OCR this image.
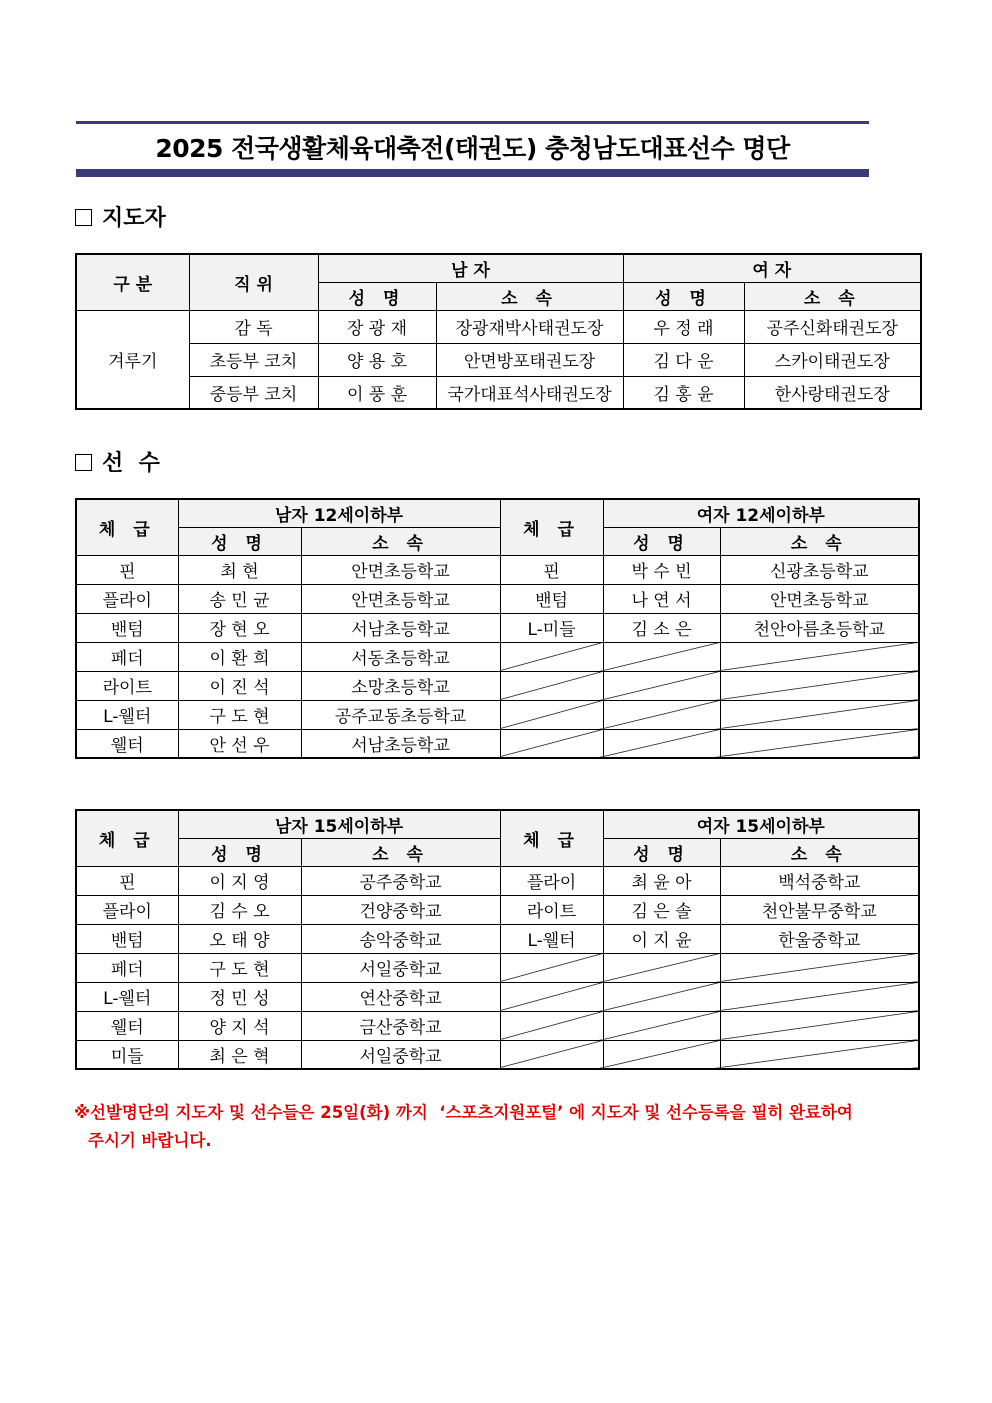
2025 전국생활체육대축전(태권도) 충청남도대표선수 명단
지도자
구 분	직 위	남 자		여 자	
		성 명	소 속	성 명	소 속
겨루기	감 독	장 광 재	장광재박사태권도장	우 정 래	공주신화태권도장
	초등부 코치	양 용 호	안면방포태권도장	김 다 운	스카이태권도장
	중등부 코치	이 풍 훈	국가대표석사태권도장	김 홍 윤	한사랑태권도장
선  수
체 급	남자 12세이하부		체 급	여자 12세이하부	
	성 명	소 속		성 명	소 속
핀	최 현	안면초등학교	핀	박 수 빈	신광초등학교
플라이	송 민 균	안면초등학교	밴텀	나 연 서	안면초등학교
밴텀	장 현 오	서남초등학교	L-미들	김 소 은	천안아름초등학교
페더	이 환 희	서동초등학교			
라이트	이 진 석	소망초등학교			
L-웰터	구 도 현	공주교동초등학교			
웰터	안 선 우	서남초등학교			
체 급	남자 15세이하부		체 급	여자 15세이하부	
	성 명	소 속		성 명	소 속
핀	이 지 영	공주중학교	플라이	최 윤 아	백석중학교
플라이	김 수 오	건양중학교	라이트	김 은 솔	천안불무중학교
밴텀	오 태 양	송악중학교	L-웰터	이 지 윤	한울중학교
페더	구 도 현	서일중학교			
L-웰터	정 민 성	연산중학교			
웰터	양 지 석	금산중학교			
미들	최 은 혁	서일중학교			
※선발명단의 지도자 및 선수들은 25일(화) 까지  ‘스포츠지원포털’ 에 지도자 및 선수등록을 필히 완료하여
주시기 바랍니다.
